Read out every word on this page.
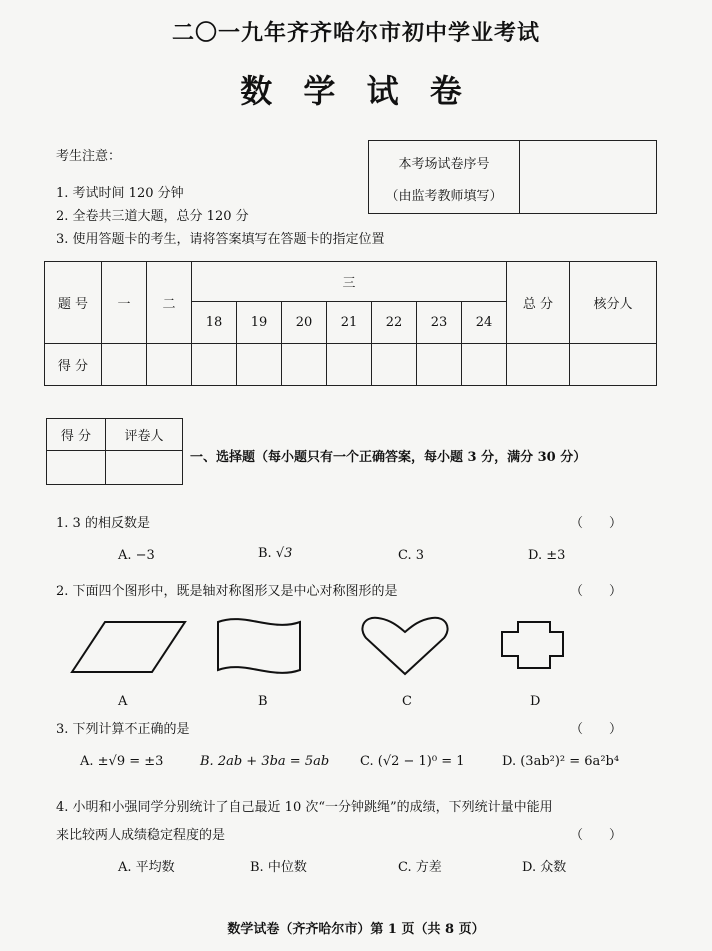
二〇一九年齐齐哈尔市初中学业考试
数 学 试 卷
考生注意：
1. 考试时间 120 分钟
2. 全卷共三道大题，总分 120 分
3. 使用答题卡的考生，请将答案填写在答题卡的指定位置
本考场试卷序号
（由监考教师填写）
题 号	一	二	三							总 分	核分人
			18	19	20	21	22	23	24		
得 分											
得 分	评卷人

一、选择题（每小题只有一个正确答案，每小题 3 分，满分 30 分）
1. 3 的相反数是	（　　）
A. −3	B. √3	C. 3	D. ±3
2. 下面四个图形中，既是轴对称图形又是中心对称图形的是	（　　）
A	B	C	D
3. 下列计算不正确的是	（　　）
A. ±√9 = ±3	B. 2ab + 3ba = 5ab C. (√2 − 1)⁰ = 1	D. (3ab²)² = 6a²b⁴
4. 小明和小强同学分别统计了自己最近 10 次“一分钟跳绳”的成绩，下列统计量中能用
来比较两人成绩稳定程度的是	（　　）
A. 平均数	B. 中位数	C. 方差	D. 众数
数学试卷（齐齐哈尔市）第 1 页（共 8 页）
